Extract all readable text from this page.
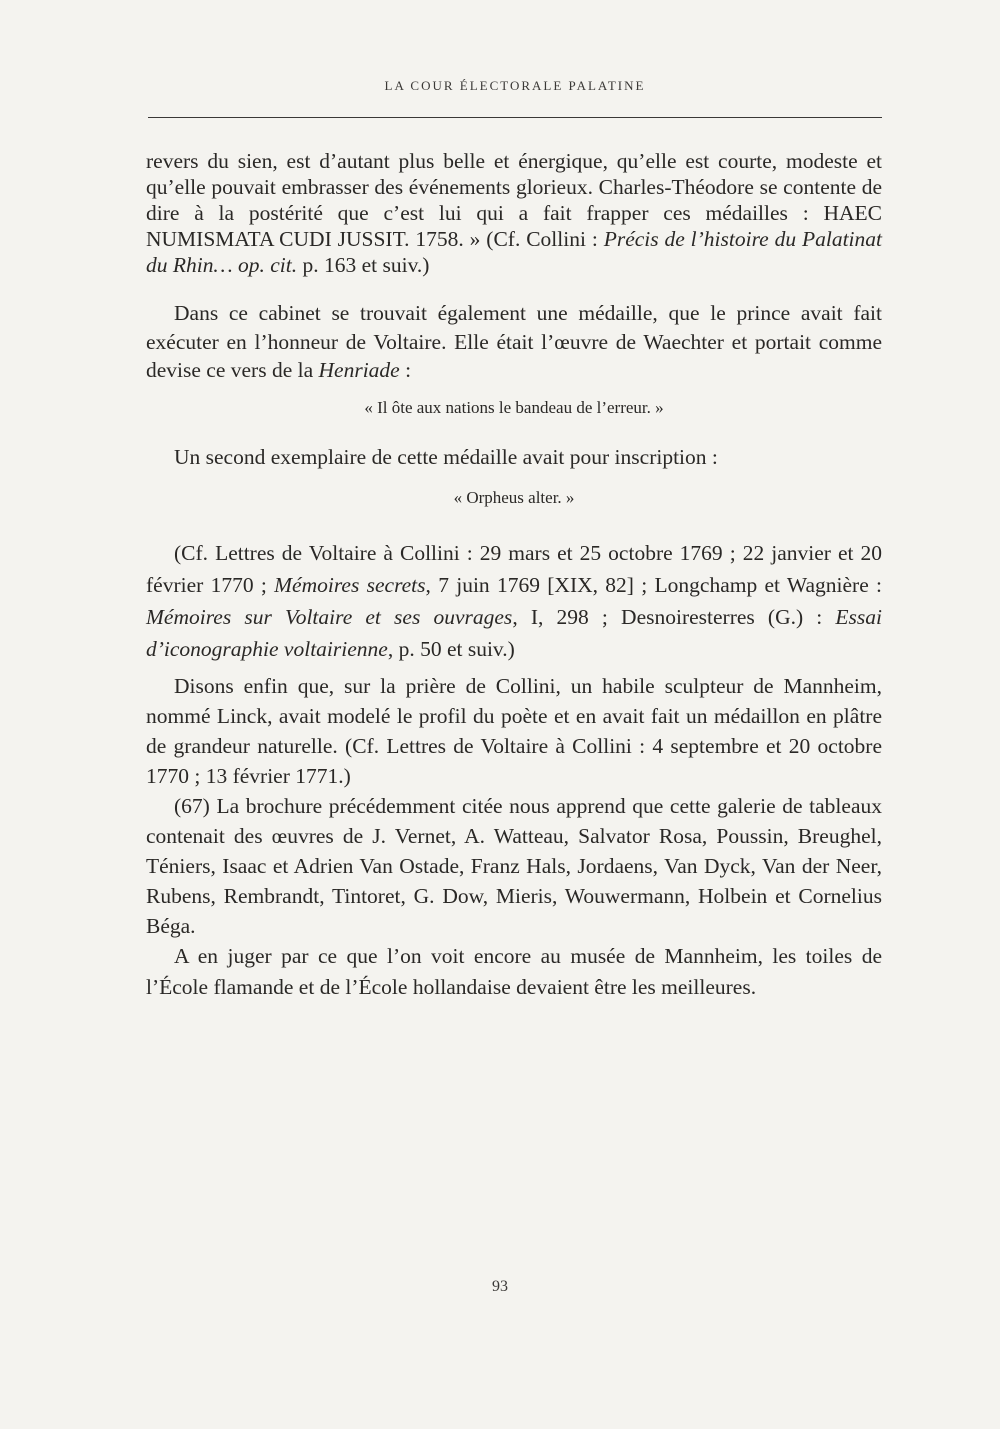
LA COUR ÉLECTORALE PALATINE

revers du sien, est d’autant plus belle et énergique, qu’elle est courte, modeste et qu’elle pouvait embrasser des événements glorieux. Charles-Théodore se contente de dire à la postérité que c’est lui qui a fait frapper ces médailles : HAEC NUMISMATA CUDI JUSSIT. 1758. » (Cf. Collini : Précis de l’histoire du Palatinat du Rhin… op. cit. p. 163 et suiv.)

Dans ce cabinet se trouvait également une médaille, que le prince avait fait exécuter en l’honneur de Voltaire. Elle était l’œuvre de Waechter et portait comme devise ce vers de la Henriade :

« Il ôte aux nations le bandeau de l’erreur. »

Un second exemplaire de cette médaille avait pour inscription :

« Orpheus alter. »

(Cf. Lettres de Voltaire à Collini : 29 mars et 25 octobre 1769 ; 22 janvier et 20 février 1770 ; Mémoires secrets, 7 juin 1769 [XIX, 82] ; Longchamp et Wagnière : Mémoires sur Voltaire et ses ouvrages, I, 298 ; Desnoiresterres (G.) : Essai d’iconographie voltairienne, p. 50 et suiv.)

Disons enfin que, sur la prière de Collini, un habile sculpteur de Mannheim, nommé Linck, avait modelé le profil du poète et en avait fait un médaillon en plâtre de grandeur naturelle. (Cf. Lettres de Voltaire à Collini : 4 septembre et 20 octobre 1770 ; 13 février 1771.)

(67) La brochure précédemment citée nous apprend que cette galerie de tableaux contenait des œuvres de J. Vernet, A. Watteau, Salvator Rosa, Poussin, Breughel, Téniers, Isaac et Adrien Van Ostade, Franz Hals, Jordaens, Van Dyck, Van der Neer, Rubens, Rembrandt, Tintoret, G. Dow, Mieris, Wouwermann, Holbein et Cornelius Béga.

A en juger par ce que l’on voit encore au musée de Mannheim, les toiles de l’École flamande et de l’École hollandaise devaient être les meilleures.

93
